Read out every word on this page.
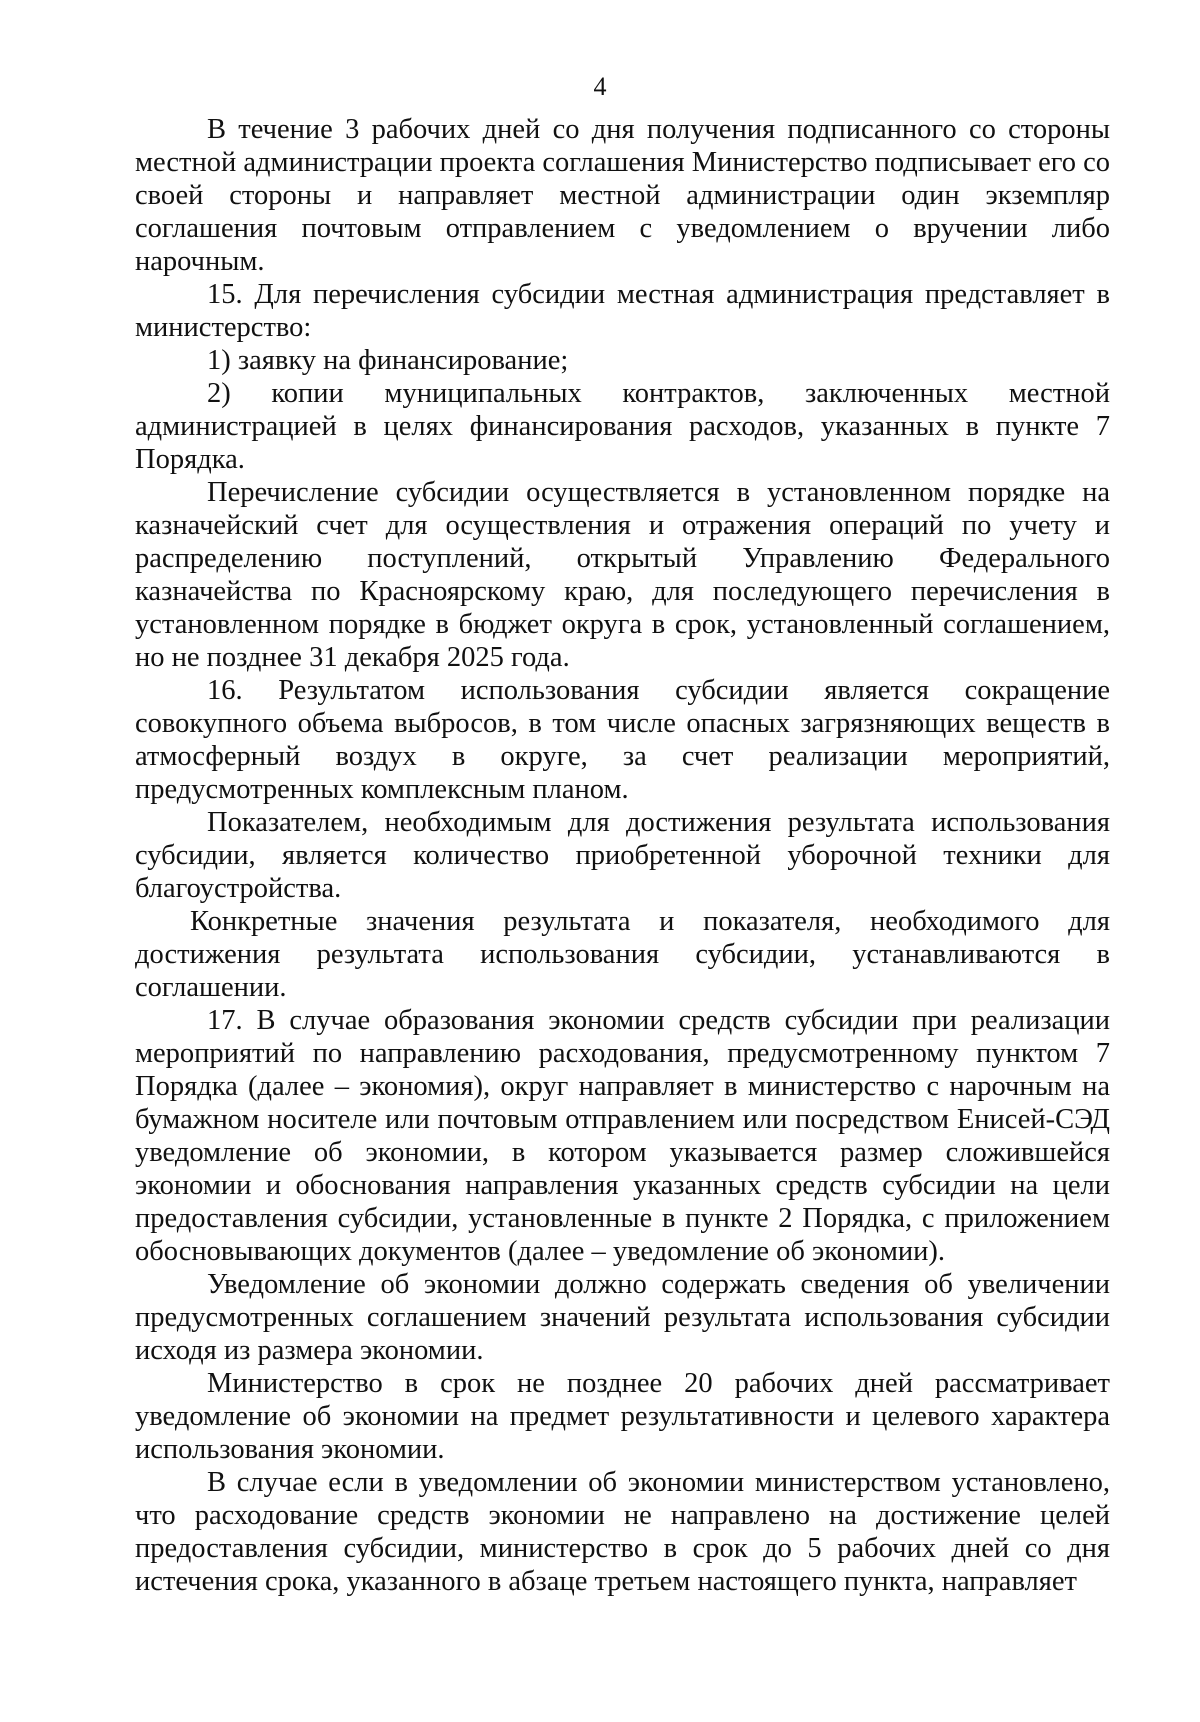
4

В течение 3 рабочих дней со дня получения подписанного со стороны местной администрации проекта соглашения Министерство подписывает его со своей стороны и направляет местной администрации один экземпляр соглашения почтовым отправлением с уведомлением о вручении либо нарочным.

15. Для перечисления субсидии местная администрация представляет в министерство:

1) заявку на финансирование;

2) копии муниципальных контрактов, заключенных местной администрацией в целях финансирования расходов, указанных в пункте 7 Порядка.

Перечисление субсидии осуществляется в установленном порядке на казначейский счет для осуществления и отражения операций по учету и распределению поступлений, открытый Управлению Федерального казначейства по Красноярскому краю, для последующего перечисления в установленном порядке в бюджет округа в срок, установленный соглашением, но не позднее 31 декабря 2025 года.

16. Результатом использования субсидии является сокращение совокупного объема выбросов, в том числе опасных загрязняющих веществ в атмосферный воздух в округе, за счет реализации мероприятий, предусмотренных комплексным планом.

Показателем, необходимым для достижения результата использования субсидии, является количество приобретенной уборочной техники для благоустройства.

Конкретные значения результата и показателя, необходимого для достижения результата использования субсидии, устанавливаются в соглашении.

17. В случае образования экономии средств субсидии при реализации мероприятий по направлению расходования, предусмотренному пунктом 7 Порядка (далее – экономия), округ направляет в министерство с нарочным на бумажном носителе или почтовым отправлением или посредством Енисей-СЭД уведомление об экономии, в котором указывается размер сложившейся экономии и обоснования направления указанных средств субсидии на цели предоставления субсидии, установленные в пункте 2 Порядка, с приложением обосновывающих документов (далее – уведомление об экономии).

Уведомление об экономии должно содержать сведения об увеличении предусмотренных соглашением значений результата использования субсидии исходя из размера экономии.

Министерство в срок не позднее 20 рабочих дней рассматривает уведомление об экономии на предмет результативности и целевого характера использования экономии.

В случае если в уведомлении об экономии министерством установлено, что расходование средств экономии не направлено на достижение целей предоставления субсидии, министерство в срок до 5 рабочих дней со дня истечения срока, указанного в абзаце третьем настоящего пункта, направляет
